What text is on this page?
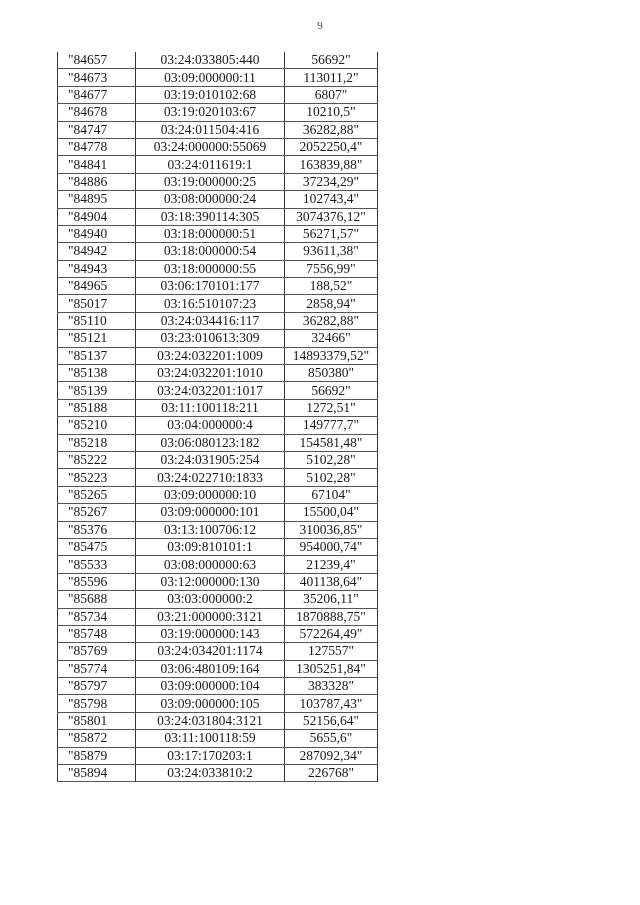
9
"84657	03:24:033805:440	56692"
"84673	03:09:000000:11	113011,2"
"84677	03:19:010102:68	6807"
"84678	03:19:020103:67	10210,5"
"84747	03:24:011504:416	36282,88"
"84778	03:24:000000:55069	2052250,4"
"84841	03:24:011619:1	163839,88"
"84886	03:19:000000:25	37234,29"
"84895	03:08:000000:24	102743,4"
"84904	03:18:390114:305	3074376,12"
"84940	03:18:000000:51	56271,57"
"84942	03:18:000000:54	93611,38"
"84943	03:18:000000:55	7556,99"
"84965	03:06:170101:177	188,52"
"85017	03:16:510107:23	2858,94"
"85110	03:24:034416:117	36282,88"
"85121	03:23:010613:309	32466"
"85137	03:24:032201:1009	14893379,52"
"85138	03:24:032201:1010	850380"
"85139	03:24:032201:1017	56692"
"85188	03:11:100118:211	1272,51"
"85210	03:04:000000:4	149777,7"
"85218	03:06:080123:182	154581,48"
"85222	03:24:031905:254	5102,28"
"85223	03:24:022710:1833	5102,28"
"85265	03:09:000000:10	67104"
"85267	03:09:000000:101	15500,04"
"85376	03:13:100706:12	310036,85"
"85475	03:09:810101:1	954000,74"
"85533	03:08:000000:63	21239,4"
"85596	03:12:000000:130	401138,64"
"85688	03:03:000000:2	35206,11"
"85734	03:21:000000:3121	1870888,75"
"85748	03:19:000000:143	572264,49"
"85769	03:24:034201:1174	127557"
"85774	03:06:480109:164	1305251,84"
"85797	03:09:000000:104	383328"
"85798	03:09:000000:105	103787,43"
"85801	03:24:031804:3121	52156,64"
"85872	03:11:100118:59	5655,6"
"85879	03:17:170203:1	287092,34"
"85894	03:24:033810:2	226768"
